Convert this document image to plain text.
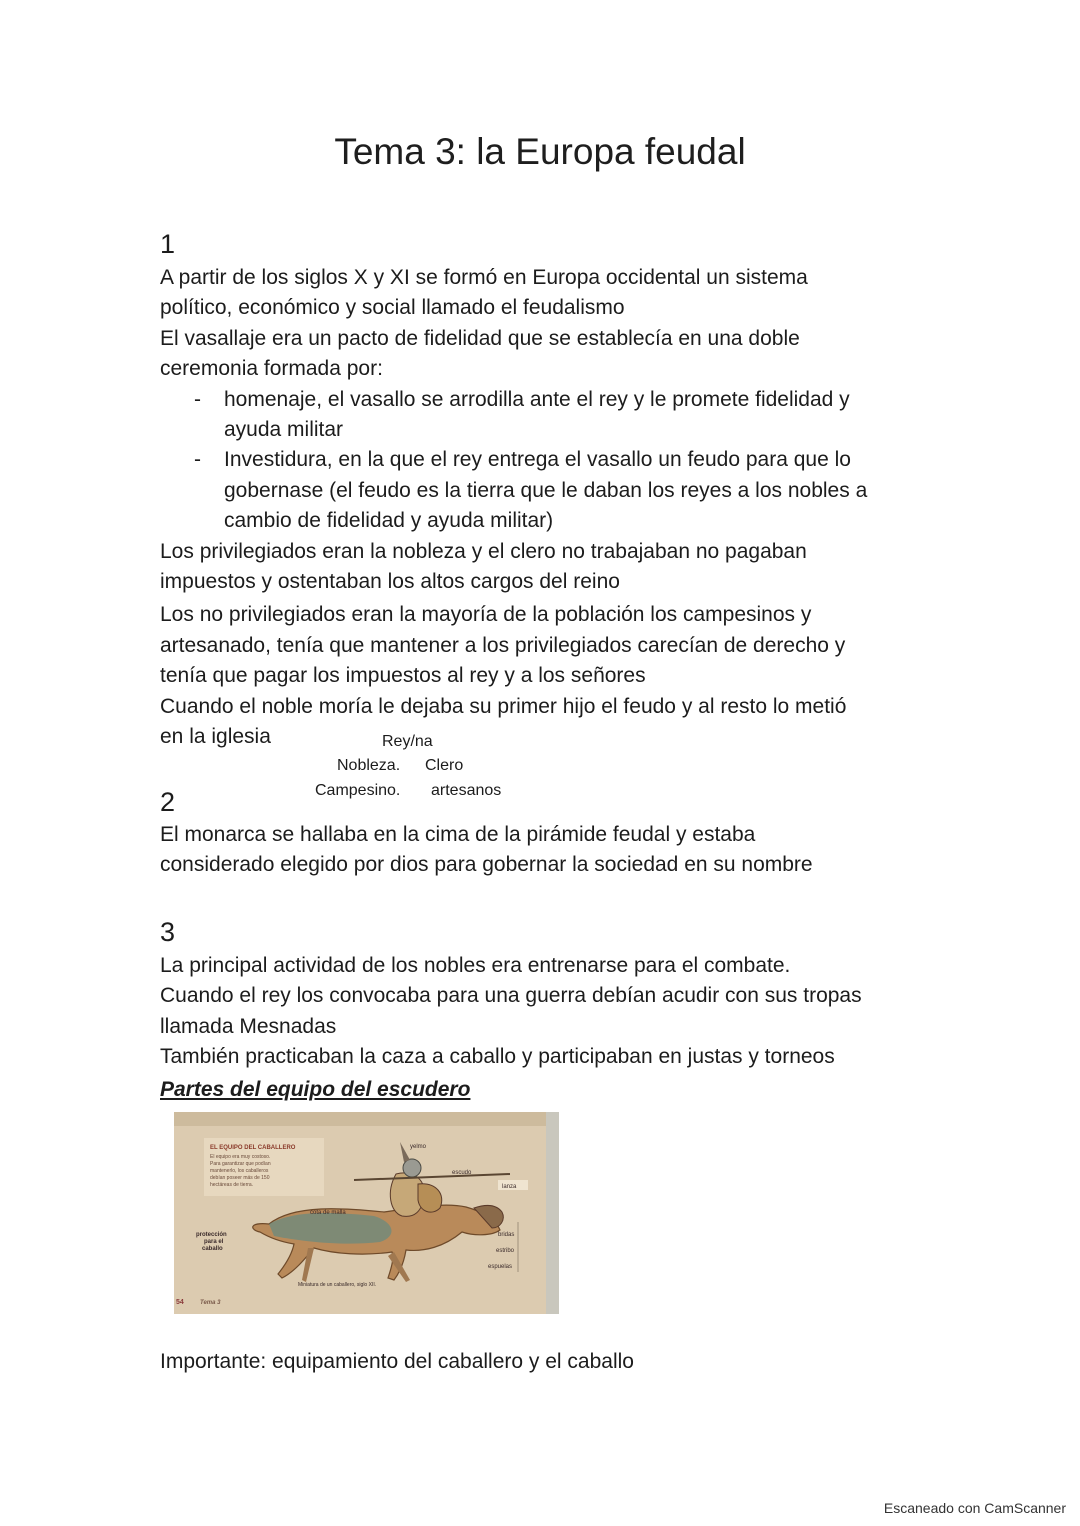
Tema 3: la Europa feudal
1
A partir de los siglos X y XI se formó en Europa occidental un sistema
político, económico y social llamado el feudalismo
El vasallaje era un pacto de fidelidad que se establecía en una doble
ceremonia formada por:
- homenaje, el vasallo se arrodilla ante el rey y le promete fidelidad y
ayuda militar
- Investidura, en la que el rey entrega el vasallo un feudo para que lo
gobernase (el feudo es la tierra que le daban los reyes a los nobles a
cambio de fidelidad y ayuda militar)
Los privilegiados eran la nobleza y el clero no trabajaban no pagaban
impuestos y ostentaban los altos cargos del reino
Los no privilegiados eran la mayoría de la población los campesinos y
artesanado, tenía que mantener a los privilegiados carecían de derecho y
tenía que pagar los impuestos al rey y a los señores
Cuando el noble moría le dejaba su primer hijo el feudo y al resto lo metió
en la iglesia	Rey/na
Nobleza. Clero
Campesino. artesanos
2
El monarca se hallaba en la cima de la pirámide feudal y estaba
considerado elegido por dios para gobernar la sociedad en su nombre
3
La principal actividad de los nobles era entrenarse para el combate.
Cuando el rey los convocaba para una guerra debían acudir con sus tropas
llamada Mesnadas
También practicaban la caza a caballo y participaban en justas y torneos
Partes del equipo del escudero
EL EQUIPO DEL CABALLERO
El equipo era muy costoso.
Para garantizar que podían
mantenerlo, los caballeros
debían poseer más de 150
hectáreas de tierra.
yelmo
escudo
lanza
cota de malla
protección
para el
caballo
bridas
estribo
espuelas
Miniatura de un caballero, siglo XII.
54	Tema 3
Importante: equipamiento del caballero y el caballo
Escaneado con CamScanner
